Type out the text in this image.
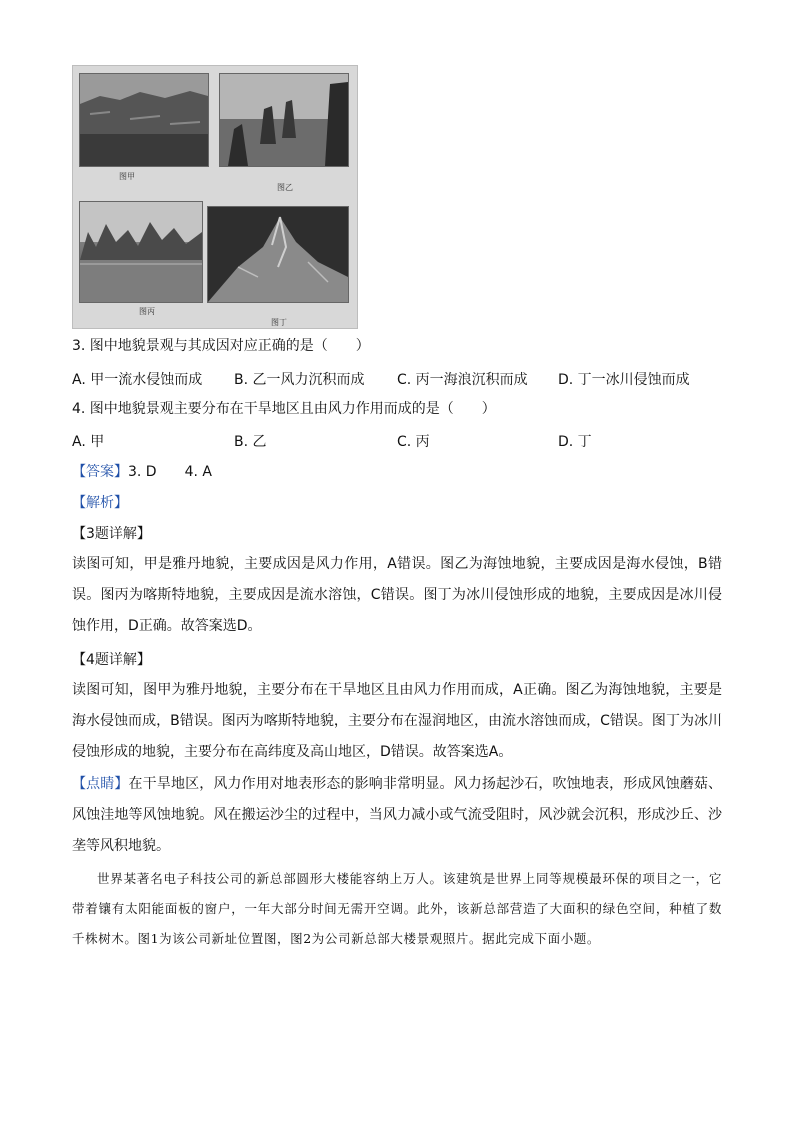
图甲
图乙
图丙
图丁
3. 图中地貌景观与其成因对应正确的是（　　）
A. 甲一流水侵蚀而成 B. 乙一风力沉积而成 C. 丙一海浪沉积而成 D. 丁一冰川侵蚀而成
4. 图中地貌景观主要分布在干旱地区且由风力作用而成的是（　　）
A. 甲	B. 乙	C. 丙	D. 丁
【答案】3. D　　4. A
【解析】
【3题详解】
读图可知，甲是雅丹地貌，主要成因是风力作用，A错误。图乙为海蚀地貌，主要成因是海水侵蚀，B错误。图丙为喀斯特地貌，主要成因是流水溶蚀，C错误。图丁为冰川侵蚀形成的地貌，主要成因是冰川侵蚀作用，D正确。故答案选D。
【4题详解】
读图可知，图甲为雅丹地貌，主要分布在干旱地区且由风力作用而成，A正确。图乙为海蚀地貌，主要是海水侵蚀而成，B错误。图丙为喀斯特地貌，主要分布在湿润地区，由流水溶蚀而成，C错误。图丁为冰川侵蚀形成的地貌，主要分布在高纬度及高山地区，D错误。故答案选A。
【点睛】在干旱地区，风力作用对地表形态的影响非常明显。风力扬起沙石，吹蚀地表，形成风蚀蘑菇、风蚀洼地等风蚀地貌。风在搬运沙尘的过程中，当风力减小或气流受阻时，风沙就会沉积，形成沙丘、沙垄等风积地貌。
世界某著名电子科技公司的新总部圆形大楼能容纳上万人。该建筑是世界上同等规模最环保的项目之一，它带着镶有太阳能面板的窗户，一年大部分时间无需开空调。此外，该新总部营造了大面积的绿色空间，种植了数千株树木。图1为该公司新址位置图，图2为公司新总部大楼景观照片。据此完成下面小题。
